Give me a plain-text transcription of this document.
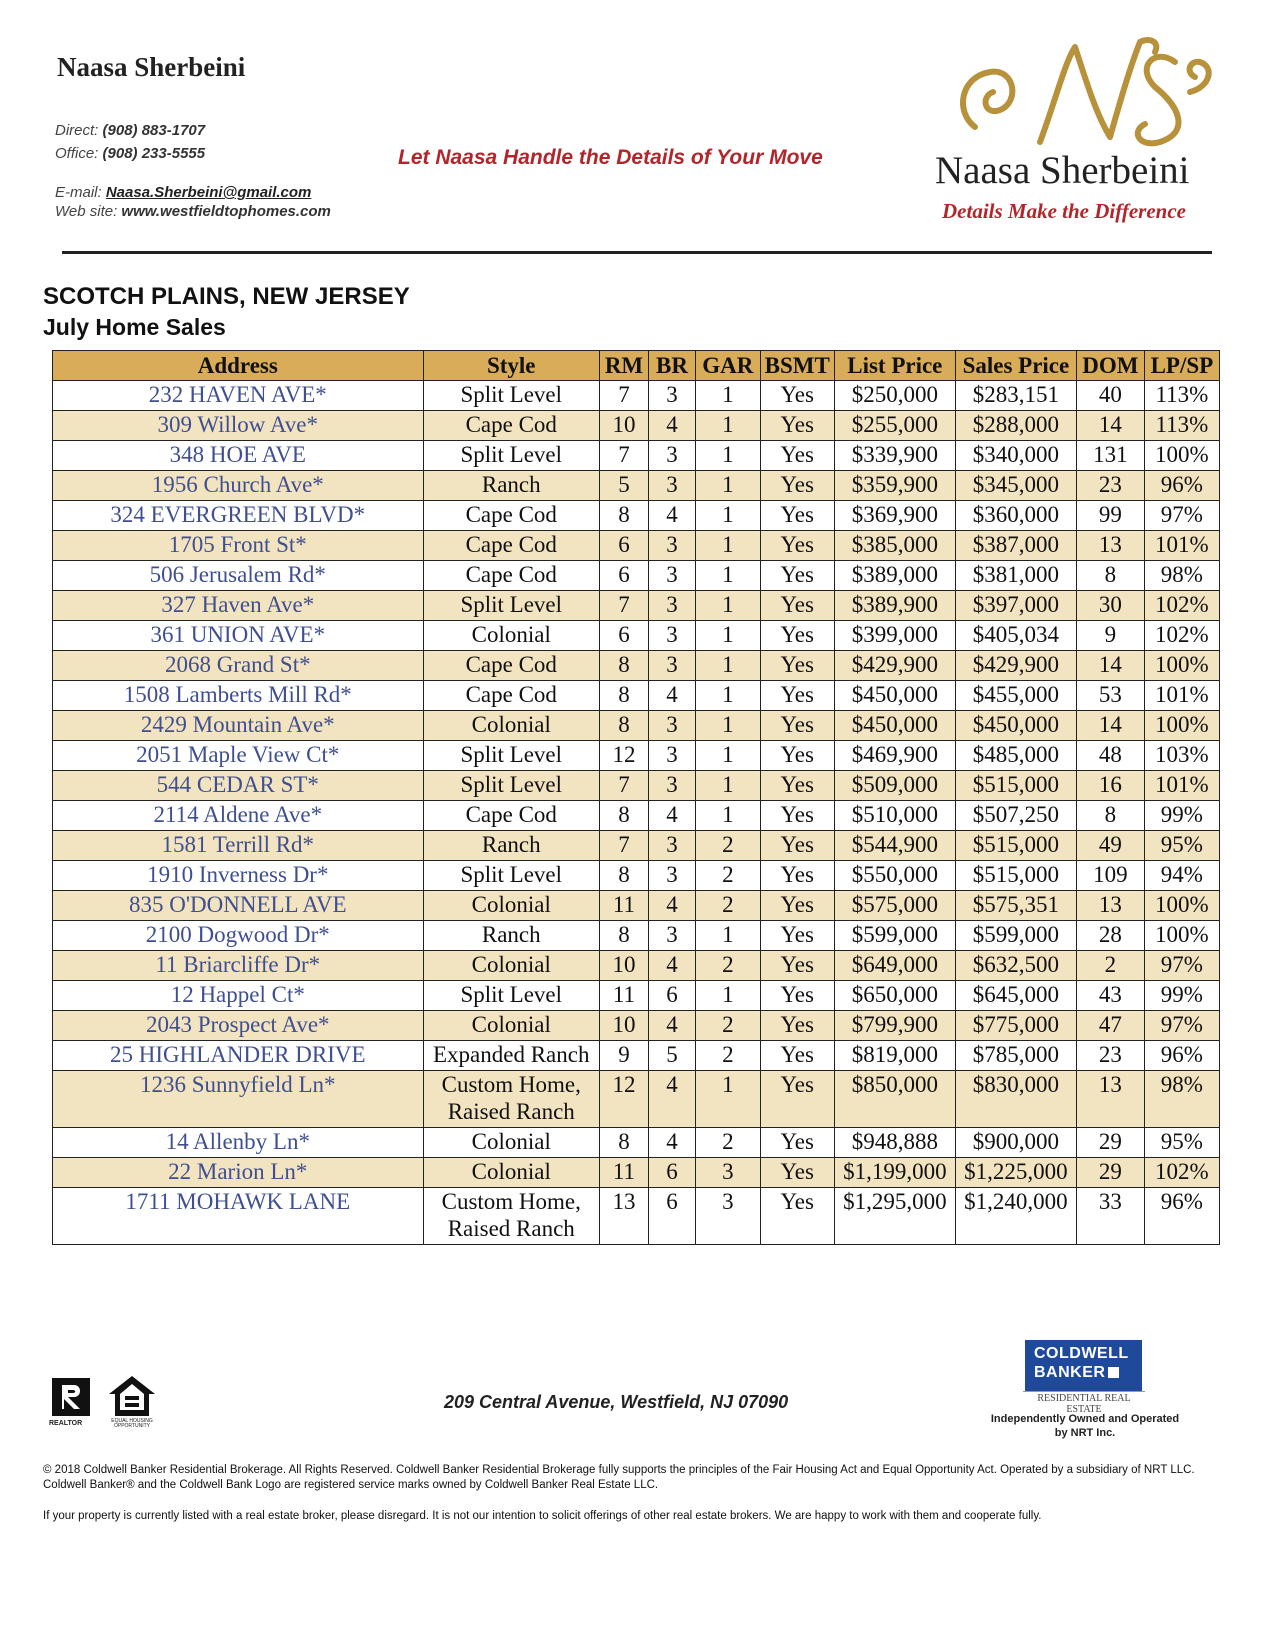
Naasa Sherbeini
Direct: (908) 883-1707
Office: (908) 233-5555
E-mail: Naasa.Sherbeini@gmail.com
Web site: www.westfieldtophomes.com
Let Naasa Handle the Details of Your Move	Naasa Sherbeini
Details Make the Difference
SCOTCH PLAINS, NEW JERSEY
July Home Sales
Address	Style	RM	BR	GAR	BSMT	List Price	Sales Price	DOM	LP/SP
232 HAVEN AVE*	Split Level	7	3	1	Yes	$250,000	$283,151	40	113%
309 Willow Ave*	Cape Cod	10	4	1	Yes	$255,000	$288,000	14	113%
348 HOE AVE	Split Level	7	3	1	Yes	$339,900	$340,000	131	100%
1956 Church Ave*	Ranch	5	3	1	Yes	$359,900	$345,000	23	96%
324 EVERGREEN BLVD*	Cape Cod	8	4	1	Yes	$369,900	$360,000	99	97%
1705 Front St*	Cape Cod	6	3	1	Yes	$385,000	$387,000	13	101%
506 Jerusalem Rd*	Cape Cod	6	3	1	Yes	$389,000	$381,000	8	98%
327 Haven Ave*	Split Level	7	3	1	Yes	$389,900	$397,000	30	102%
361 UNION AVE*	Colonial	6	3	1	Yes	$399,000	$405,034	9	102%
2068 Grand St*	Cape Cod	8	3	1	Yes	$429,900	$429,900	14	100%
1508 Lamberts Mill Rd*	Cape Cod	8	4	1	Yes	$450,000	$455,000	53	101%
2429 Mountain Ave*	Colonial	8	3	1	Yes	$450,000	$450,000	14	100%
2051 Maple View Ct*	Split Level	12	3	1	Yes	$469,900	$485,000	48	103%
544 CEDAR ST*	Split Level	7	3	1	Yes	$509,000	$515,000	16	101%
2114 Aldene Ave*	Cape Cod	8	4	1	Yes	$510,000	$507,250	8	99%
1581 Terrill Rd*	Ranch	7	3	2	Yes	$544,900	$515,000	49	95%
1910 Inverness Dr*	Split Level	8	3	2	Yes	$550,000	$515,000	109	94%
835 O'DONNELL AVE	Colonial	11	4	2	Yes	$575,000	$575,351	13	100%
2100 Dogwood Dr*	Ranch	8	3	1	Yes	$599,000	$599,000	28	100%
11 Briarcliffe Dr*	Colonial	10	4	2	Yes	$649,000	$632,500	2	97%
12 Happel Ct*	Split Level	11	6	1	Yes	$650,000	$645,000	43	99%
2043 Prospect Ave*	Colonial	10	4	2	Yes	$799,900	$775,000	47	97%
25 HIGHLANDER DRIVE	Expanded Ranch	9	5	2	Yes	$819,000	$785,000	23	96%
1236 Sunnyfield Ln*	Custom Home, Raised Ranch	12	4	1	Yes	$850,000	$830,000	13	98%
14 Allenby Ln*	Colonial	8	4	2	Yes	$948,888	$900,000	29	95%
22 Marion Ln*	Colonial	11	6	3	Yes	$1,199,000	$1,225,000	29	102%
1711 MOHAWK LANE	Custom Home, Raised Ranch	13	6	3	Yes	$1,295,000	$1,240,000	33	96%
REALTOR	EQUAL HOUSING OPPORTUNITY
209 Central Avenue, Westfield, NJ 07090
COLDWELL
BANKER
RESIDENTIAL REAL ESTATE
Independently Owned and Operated
by NRT Inc.
© 2018 Coldwell Banker Residential Brokerage. All Rights Reserved. Coldwell Banker Residential Brokerage fully supports the principles of the Fair Housing Act and Equal Opportunity Act. Operated by a subsidiary of NRT LLC. Coldwell Banker® and the Coldwell Bank Logo are registered service marks owned by Coldwell Banker Real Estate LLC.
If your property is currently listed with a real estate broker, please disregard. It is not our intention to solicit offerings of other real estate brokers. We are happy to work with them and cooperate fully.
